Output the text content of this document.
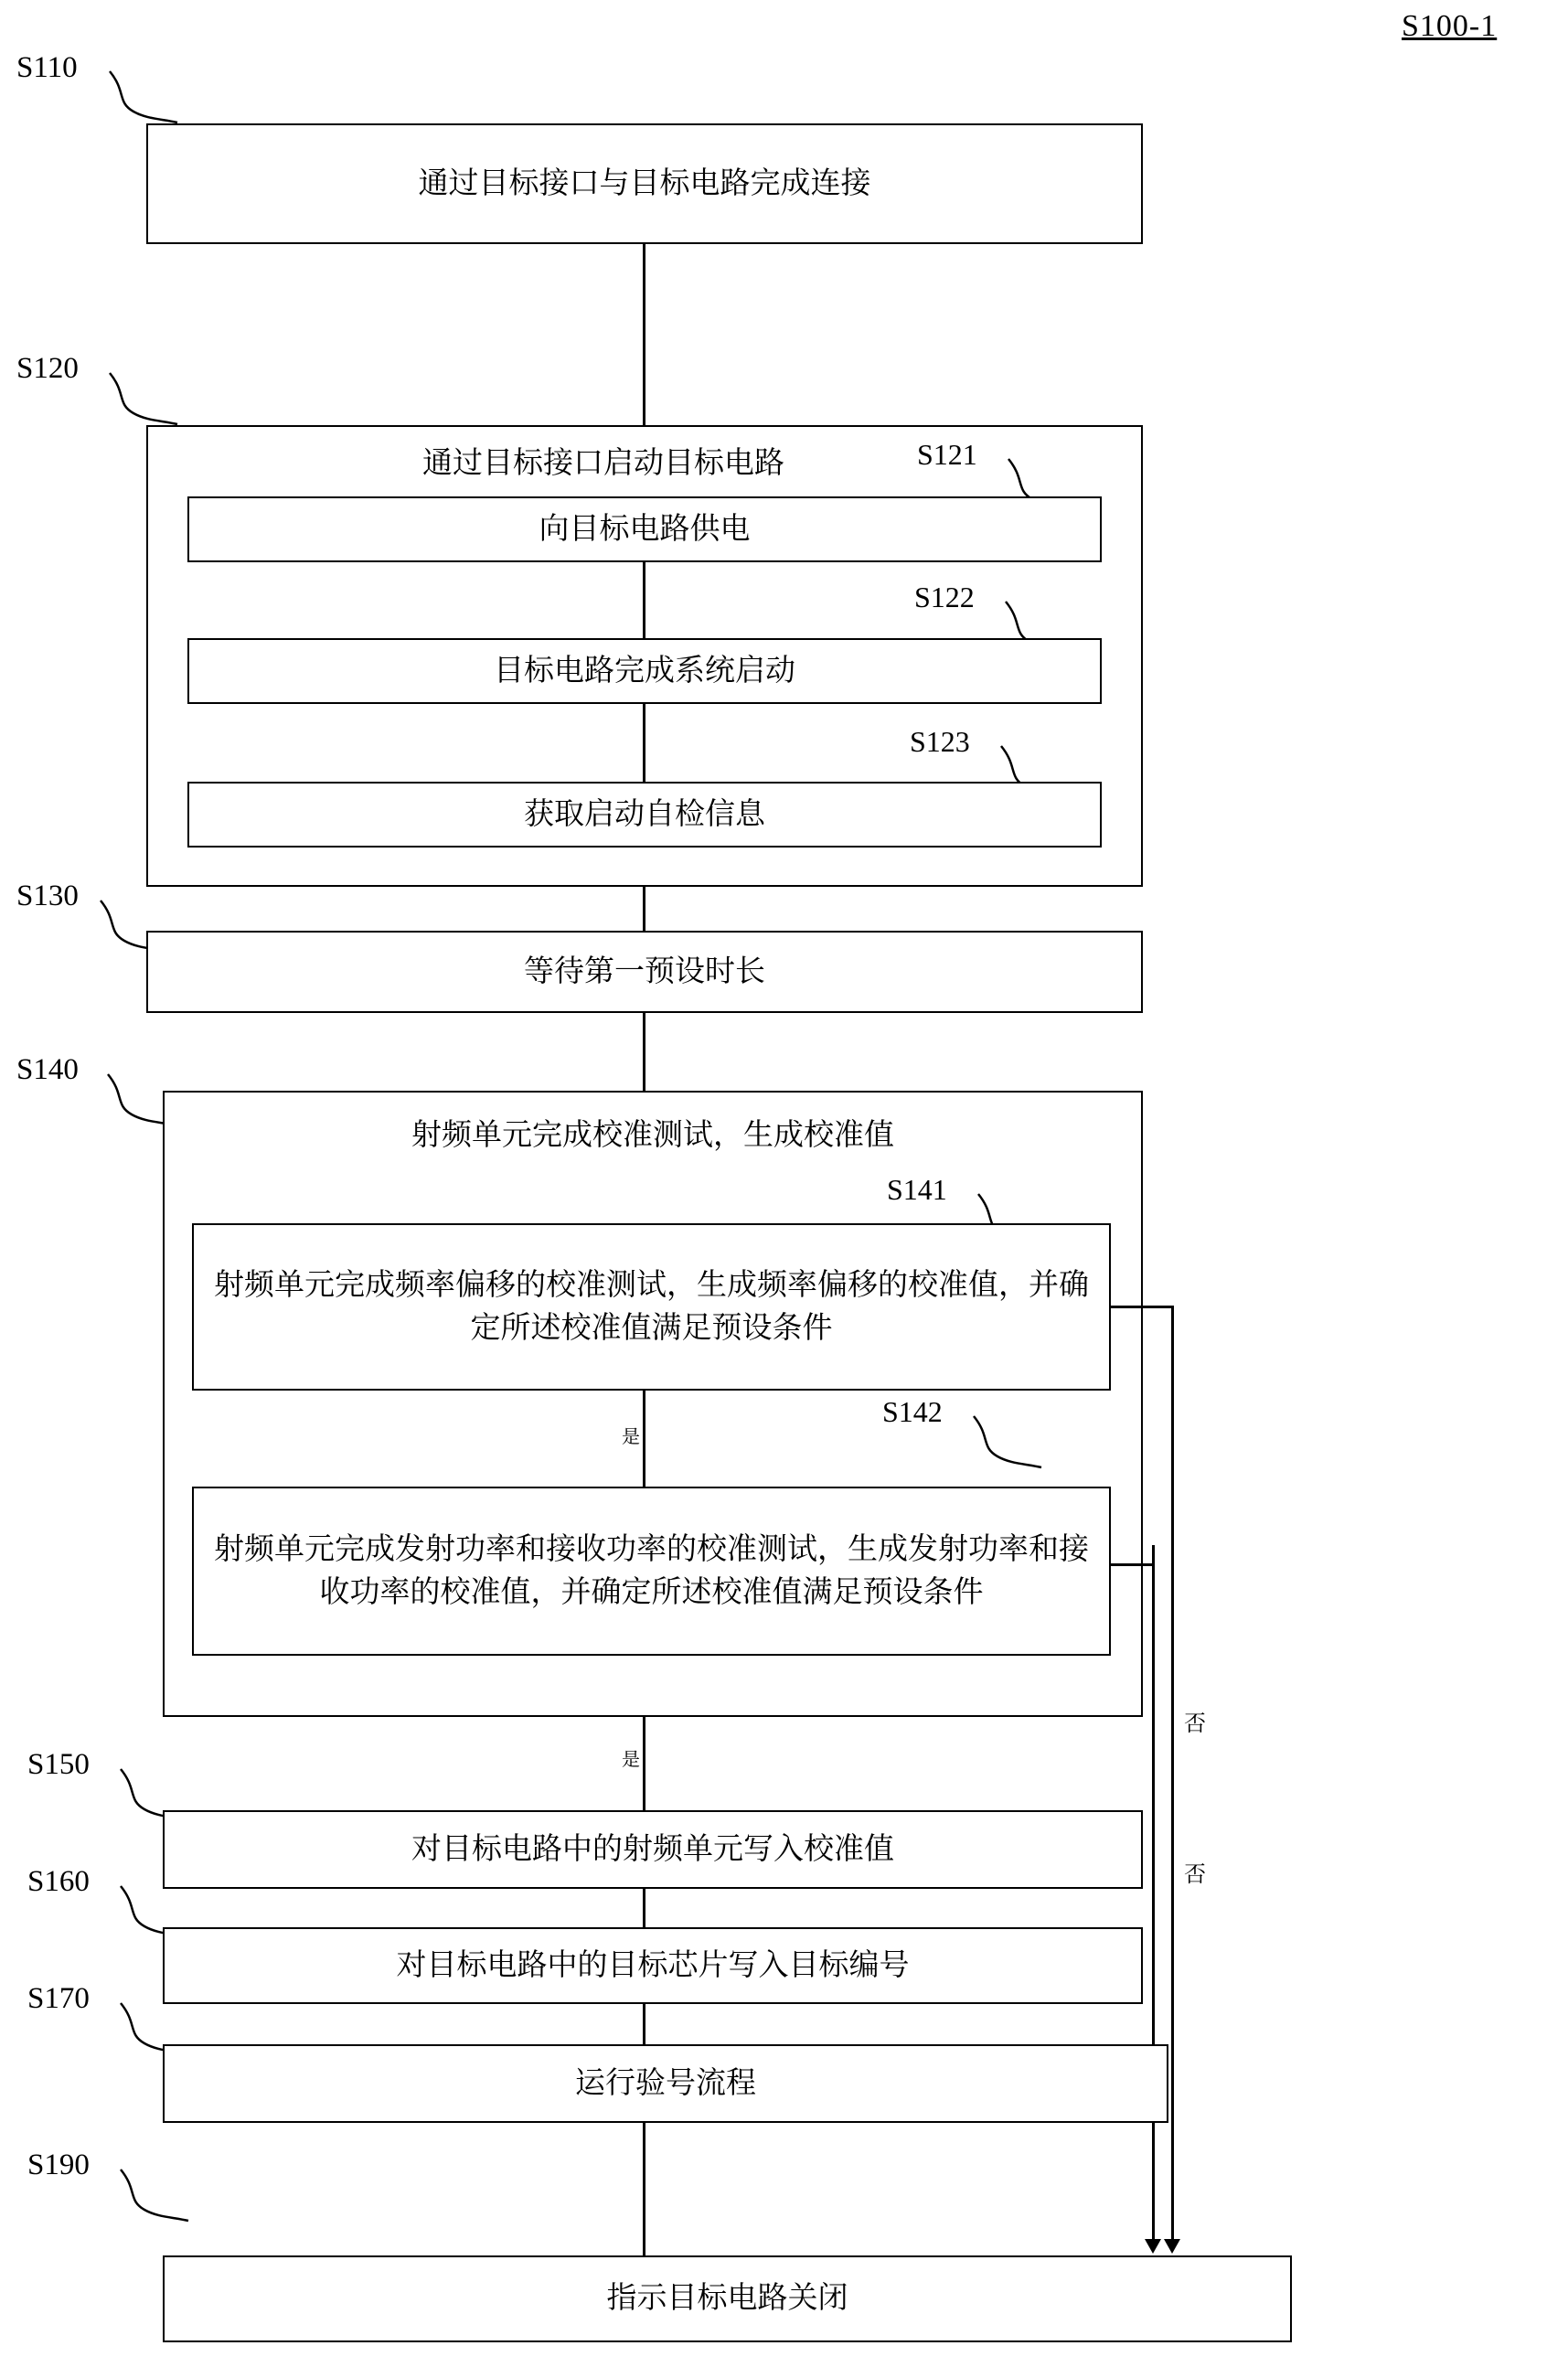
S100-1
S110
通过目标接口与目标电路完成连接
S120
通过目标接口启动目标电路	S121
向目标电路供电
S122
目标电路完成系统启动
S123
获取启动自检信息
S130
等待第一预设时长
S140
射频单元完成校准测试，生成校准值
S141
射频单元完成频率偏移的校准测试，生成频率偏移的校准值，并确定所述校准值满足预设条件
是
S142
射频单元完成发射功率和接收功率的校准测试，生成发射功率和接收功率的校准值，并确定所述校准值满足预设条件
是
否
否
S150
对目标电路中的射频单元写入校准值
S160
对目标电路中的目标芯片写入目标编号
S170
运行验号流程
S190
指示目标电路关闭
